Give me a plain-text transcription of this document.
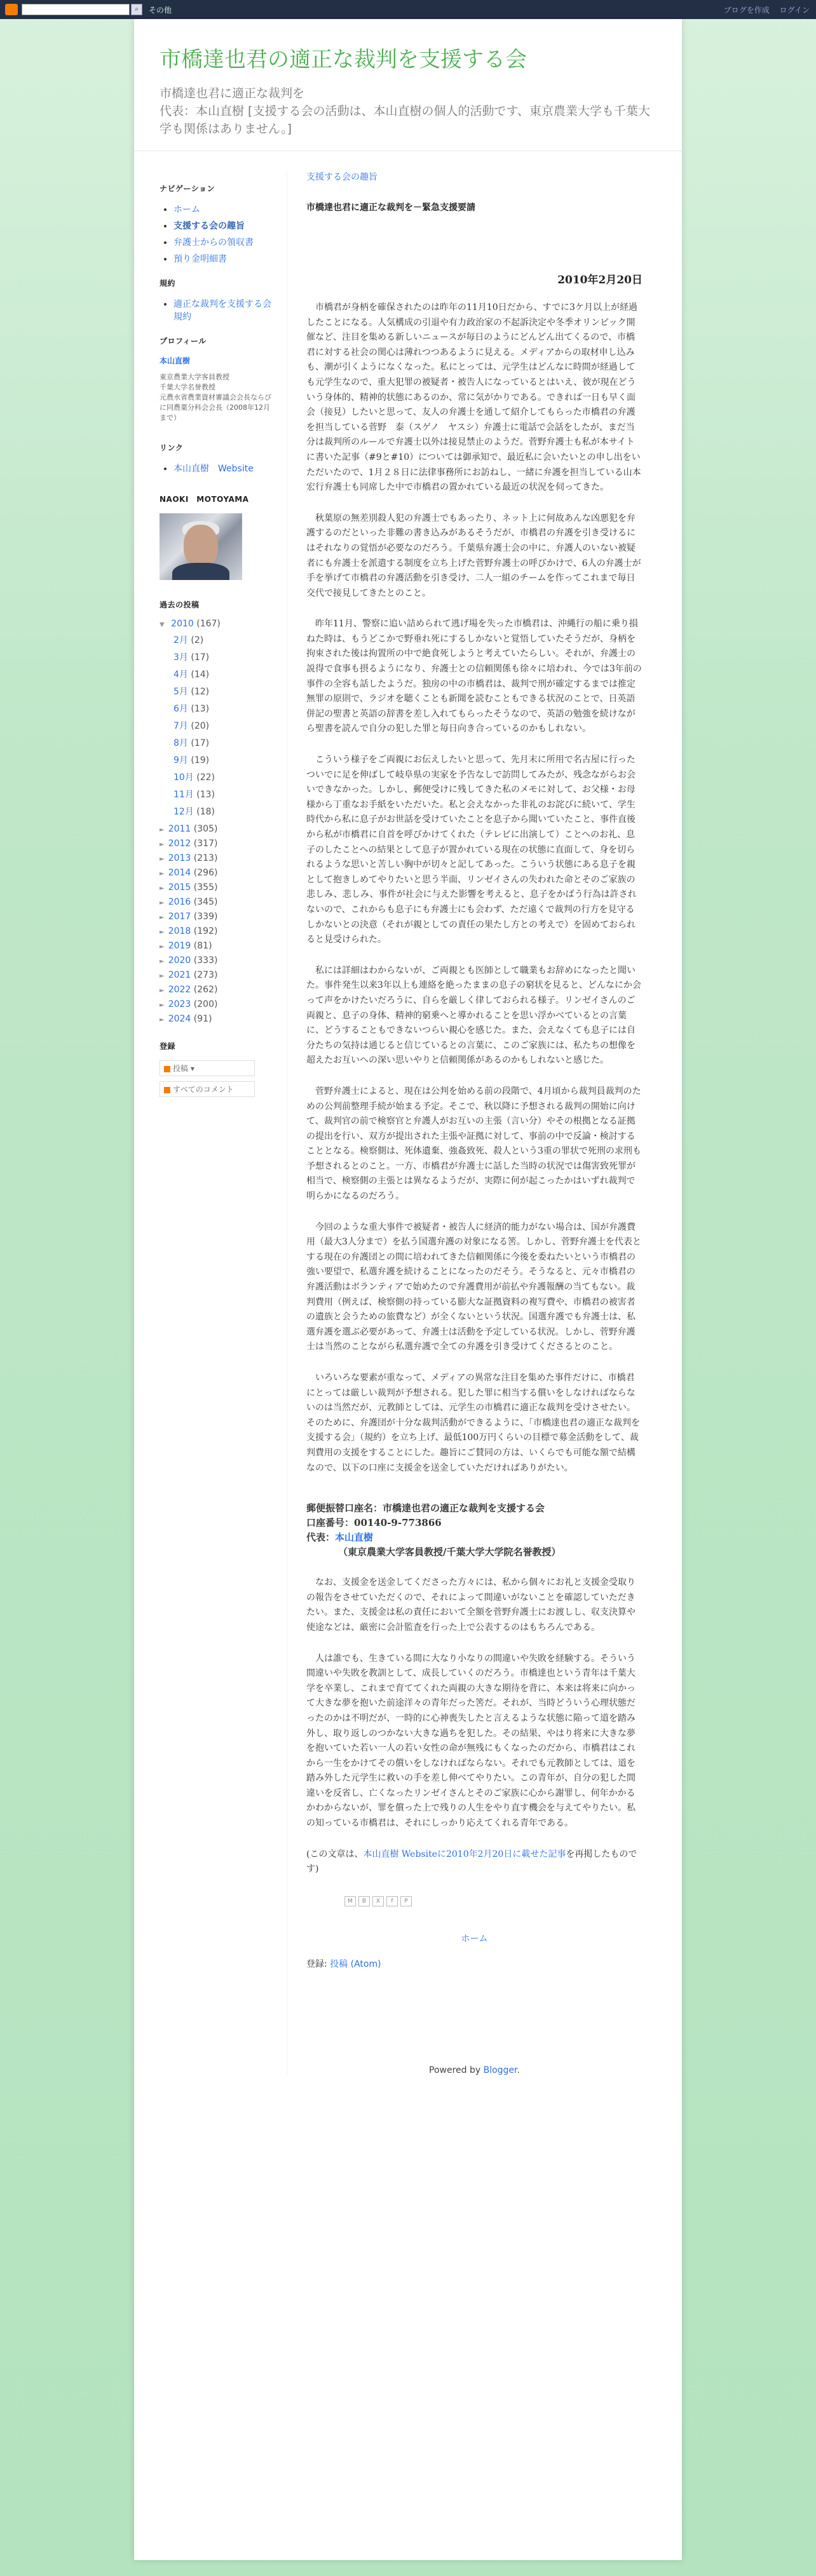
⌕	その他	ブログを作成 ログイン
市橋達也君の適正な裁判を支援する会
市橋達也君に適正な裁判を
代表：本山直樹 [支援する会の活動は、本山直樹の個人的活動です、東京農業大学も千葉大学も関係はありません。]
ナビゲーション
• ホーム
• 支援する会の趣旨
• 弁護士からの領収書
• 預り金明細書
規約
• 適正な裁判を支援する会規約
プロフィール
本山直樹
東京農業大学客員教授
千葉大学名誉教授
元農水省農業資材審議会会長ならびに同農薬分科会会長（2008年12月まで）
リンク
• 本山直樹　Website
NAOKI　MOTOYAMA
過去の投稿
▼ 2010 (167)
2月 (2)
3月 (17)
4月 (14)
5月 (12)
6月 (13)
7月 (20)
8月 (17)
9月 (19)
10月 (22)
11月 (13)
12月 (18)
► 2011 (305)
► 2012 (317)
► 2013 (213)
► 2014 (296)
► 2015 (355)
► 2016 (345)
► 2017 (339)
► 2018 (192)
► 2019 (81)
► 2020 (333)
► 2021 (273)
► 2022 (262)
► 2023 (200)
► 2024 (91)
登録
投稿 ▾
すべてのコメント
支援する会の趣旨
市橋達也君に適正な裁判を－緊急支援要請
2010年2月20日

市橋君が身柄を確保されたのは昨年の11月10日だから、すでに3ケ月以上が経過したことになる。人気構成の引退や有力政治家の不起訴決定や冬季オリンピック開催など、注目を集める新しいニュースが毎日のようにどんどん出てくるので、市橋君に対する社会の関心は薄れつつあるように見える。メディアからの取材申し込みも、潮が引くようになくなった。私にとっては、元学生はどんなに時間が経過しても元学生なので、重大犯罪の被疑者・被告人になっているとはいえ、彼が現在どういう身体的、精神的状態にあるのか、常に気がかりである。できれば一日も早く面会（接見）したいと思って、友人の弁護士を通して紹介してもらった市橋君の弁護を担当している菅野　泰（スゲノ　ヤスシ）弁護士に電話で会話をしたが、まだ当分は裁判所のルールで弁護士以外は接見禁止のようだ。菅野弁護士も私が本サイトに書いた記事（#9と#10）については御承知で、最近私に会いたいとの申し出をいただいたので、1月２８日に法律事務所にお訪ねし、一緒に弁護を担当している山本宏行弁護士も同席した中で市橋君の置かれている最近の状況を伺ってきた。

秋葉原の無差別殺人犯の弁護士でもあったり、ネット上に何故あんな凶悪犯を弁護するのだといった非難の書き込みがあるそうだが、市橋君の弁護を引き受けるにはそれなりの覚悟が必要なのだろう。千葉県弁護士会の中に、弁護人のいない被疑者にも弁護士を派遣する制度を立ち上げた菅野弁護士の呼びかけで、6人の弁護士が手を挙げて市橋君の弁護活動を引き受け、二人一組のチームを作ってこれまで毎日交代で接見してきたとのこと。

昨年11月、警察に追い詰められて逃げ場を失った市橋君は、沖縄行の船に乗り損ねた時は、もうどこかで野垂れ死にするしかないと覚悟していたそうだが、身柄を拘束された後は拘置所の中で絶食死しようと考えていたらしい。それが、弁護士の説得で食事も摂るようになり、弁護士との信頼関係も徐々に培われ、今では3年前の事件の全容も話したようだ。独房の中の市橋君は、裁判で刑が確定するまでは推定無罪の原則で、ラジオを聴くことも新聞を読むこともできる状況のことで、日英語併記の聖書と英語の辞書を差し入れてもらったそうなので、英語の勉強を続けながら聖書を読んで自分の犯した罪と毎日向き合っているのかもしれない。

こういう様子をご両親にお伝えしたいと思って、先月末に所用で名古屋に行ったついでに足を伸ばして岐阜県の実家を予告なしで訪問してみたが、残念ながらお会いできなかった。しかし、郵便受けに残してきた私のメモに対して、お父様・お母様から丁重なお手紙をいただいた。私と会えなかった非礼のお詫びに続いて、学生時代から私に息子がお世話を受けていたことを息子から聞いていたこと、事件直後から私が市橋君に自首を呼びかけてくれた（テレビに出演して）ことへのお礼、息子のしたことへの結果として息子が置かれている現在の状態に直面して、身を切られるような思いと苦しい胸中が切々と記してあった。こういう状態にある息子を親として抱きしめてやりたいと思う半面、リンゼイさんの失われた命とそのご家族の悲しみ、悲しみ、事件が社会に与えた影響を考えると、息子をかばう行為は許されないので、これからも息子にも弁護士にも会わず、ただ遠くで裁判の行方を見守るしかないとの決意（それが親としての責任の果たし方との考えで）を固めておられると見受けられた。

私には詳細はわからないが、ご両親とも医師として職業もお辞めになったと聞いた。事件発生以来3年以上も連絡を絶ったままの息子の窮状を見ると、どんなにか会って声をかけたいだろうに、自らを厳しく律しておられる様子。リンゼイさんのご両親と、息子の身体、精神的窮乗へと導かれることを思い浮かべているとの言葉に、どうすることもできないつらい親心を感じた。また、会えなくても息子には自分たちの気持は通じると信じているとの言葉に、このご家族には、私たちの想像を超えたお互いへの深い思いやりと信頼関係があるのかもしれないと感じた。

菅野弁護士によると、現在は公判を始める前の段階で、4月頃から裁判員裁判のための公判前整理手続が始まる予定。そこで、秋以降に予想される裁判の開始に向けて、裁判官の前で検察官と弁護人がお互いの主張（言い分）やその根拠となる証拠の提出を行い、双方が提出された主張や証拠に対して、事前の中で反論・検討することとなる。検察側は、死体遺棄、強姦致死、殺人という3重の罪状で死刑の求刑も予想されるとのこと。一方、市橋君が弁護士に話した当時の状況では傷害致死罪が相当で、検察側の主張とは異なるようだが、実際に何が起こったかはいずれ裁判で明らかになるのだろう。

今回のような重大事件で被疑者・被告人に経済的能力がない場合は、国が弁護費用（最大3人分まで）を払う国選弁護の対象になる筈。しかし、菅野弁護士を代表とする現在の弁護団との間に培われてきた信頼関係に今後を委ねたいという市橋君の強い要望で、私選弁護を続けることになったのだそう。そうなると、元々市橋君の弁護活動はボランティアで始めたので弁護費用が前払や弁護報酬の当てもない。裁判費用（例えば、検察側の持っている膨大な証拠資料の複写費や、市橋君の被害者の遺族と会うための旅費など）が全くないという状況。国選弁護でも弁護士は、私選弁護を選ぶ必要があって、弁護士は活動を予定している状況。しかし、菅野弁護士は当然のことながら私選弁護で全ての弁護を引き受けてくださるとのこと。

いろいろな要素が重なって、メディアの異常な注目を集めた事件だけに、市橋君にとっては厳しい裁判が予想される。犯した罪に相当する償いをしなければならないのは当然だが、元教師としては、元学生の市橋君に適正な裁判を受けさせたい。そのために、弁護団が十分な裁判活動ができるように、「市橋達也君の適正な裁判を支援する会」（規約）を立ち上げ、最低100万円くらいの目標で募金活動をして、裁判費用の支援をすることにした。趣旨にご賛同の方は、いくらでも可能な額で結構なので、以下の口座に支援金を送金していただければありがたい。

郵便振替口座名：市橋達也君の適正な裁判を支援する会
口座番号：00140-9-773866
代表：本山直樹
（東京農業大学客員教授/千葉大学大学院名誉教授）

なお、支援金を送金してくださった方々には、私から個々にお礼と支援金受取りの報告をさせていただくので、それによって間違いがないことを確認していただきたい。また、支援金は私の責任において全額を菅野弁護士にお渡しし、収支決算や使途などは、厳密に会計監査を行った上で公表するのはもちろんである。

人は誰でも、生きている間に大なり小なりの間違いや失敗を経験する。そういう間違いや失敗を教訓として、成長していくのだろう。市橋達也という青年は千葉大学を卒業し、これまで育ててくれた両親の大きな期待を背に、本来は将来に向かって大きな夢を抱いた前途洋々の青年だった筈だ。それが、当時どういう心理状態だったのかは不明だが、一時的に心神喪失したと言えるような状態に陥って道を踏み外し、取り返しのつかない大きな過ちを犯した。その結果、やはり将来に大きな夢を抱いていた若い一人の若い女性の命が無残にもくなったのだから、市橋君はこれから一生をかけてその償いをしなければならない。それでも元教師としては、道を踏み外した元学生に救いの手を差し伸べてやりたい。この青年が、自分の犯した間違いを反省し、亡くなったリンゼイさんとそのご家族に心から謝罪し、何年かかるかわからないが、罪を償った上で残りの人生をやり直す機会を与えてやりたい。私の知っている市橋君は、それにしっかり応えてくれる青年である。

(この文章は、本山直樹 Websiteに2010年2月20日に載せた記事を再掲したものです)

M	B	X	f	P
ホーム
登録: 投稿 (Atom)
Powered by Blogger.
